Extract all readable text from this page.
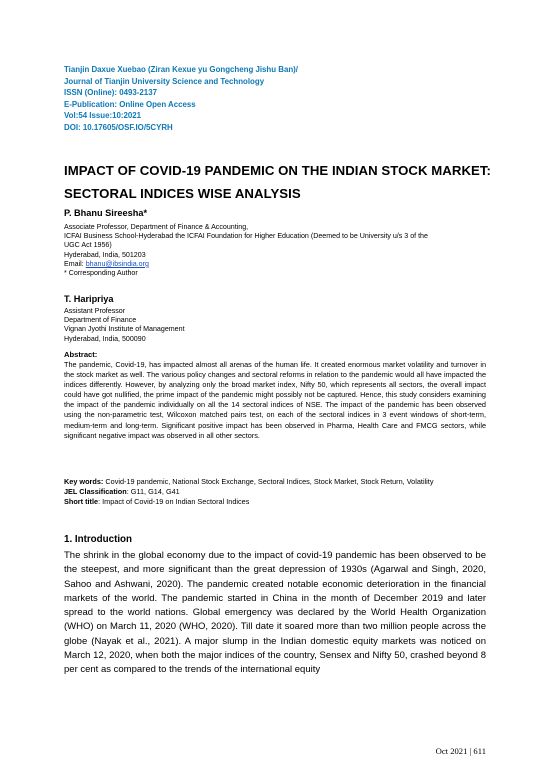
Tianjin Daxue Xuebao (Ziran Kexue yu Gongcheng Jishu Ban)/
Journal of Tianjin University Science and Technology
ISSN (Online): 0493-2137
E-Publication: Online Open Access
Vol:54 Issue:10:2021
DOI: 10.17605/OSF.IO/5CYRH
IMPACT OF COVID-19 PANDEMIC ON THE INDIAN STOCK MARKET:
SECTORAL INDICES WISE ANALYSIS
P. Bhanu Sireesha*
Associate Professor, Department of Finance & Accounting,
ICFAI Business School-Hyderabad the ICFAI Foundation for Higher Education (Deemed to be University u/s 3 of the
UGC Act 1956)
Hyderabad, India, 501203
Email: bhanu@ibsindia.org
* Corresponding Author
T. Haripriya
Assistant Professor
Department of Finance
Vignan Jyothi Institute of Management
Hyderabad, India, 500090
Abstract:
The pandemic, Covid-19, has impacted almost all arenas of the human life. It created enormous market volatility and turnover in the stock market as well. The various policy changes and sectoral reforms in relation to the pandemic would all have impacted the indices differently. However, by analyzing only the broad market index, Nifty 50, which represents all sectors, the overall impact could have got nullified, the prime impact of the pandemic might possibly not be captured. Hence, this study considers examining the impact of the pandemic individually on all the 14 sectoral indices of NSE. The impact of the pandemic has been observed using the non-parametric test, Wilcoxon matched pairs test, on each of the sectoral indices in 3 event windows of short-term, medium-term and long-term. Significant positive impact has been observed in Pharma, Health Care and FMCG sectors, while significant negative impact was observed in all other sectors.
Key words: Covid-19 pandemic, National Stock Exchange, Sectoral Indices, Stock Market, Stock Return, Volatility
JEL Classification: G11, G14, G41
Short title: Impact of Covid-19 on Indian Sectoral Indices
1. Introduction
The shrink in the global economy due to the impact of covid-19 pandemic has been observed to be the steepest, and more significant than the great depression of 1930s (Agarwal and Singh, 2020, Sahoo and Ashwani, 2020). The pandemic created notable economic deterioration in the financial markets of the world. The pandemic started in China in the month of December 2019 and later spread to the world nations. Global emergency was declared by the World Health Organization (WHO) on March 11, 2020 (WHO, 2020). Till date it soared more than two million people across the globe (Nayak et al., 2021). A major slump in the Indian domestic equity markets was noticed on March 12, 2020, when both the major indices of the country, Sensex and Nifty 50, crashed beyond 8 per cent as compared to the trends of the international equity
Oct 2021 | 611
